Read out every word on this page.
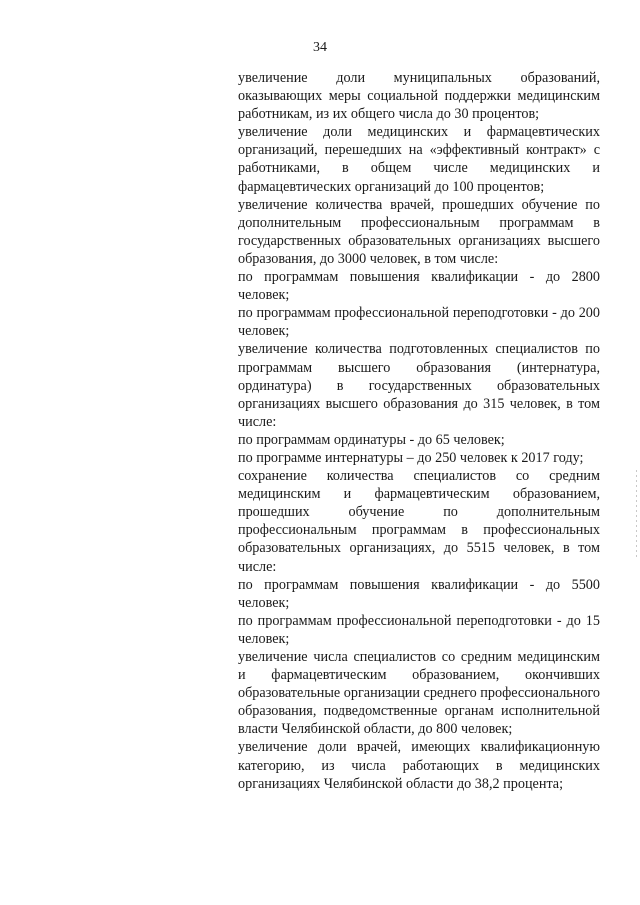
34

увеличение доли муниципальных образований, оказывающих меры социальной поддержки медицинским работникам, из их общего числа до 30 процентов;

увеличение доли медицинских и фармацевтических организаций, перешедших на «эффективный контракт» с работниками, в общем числе медицинских и фармацевтических организаций до 100 процентов;

увеличение количества врачей, прошедших обучение по дополнительным профессиональным программам в государственных образовательных организациях высшего образования, до 3000 человек, в том числе:

по программам повышения квалификации - до 2800 человек;

по программам профессиональной переподготовки - до 200 человек;

увеличение количества подготовленных специалистов по программам высшего образования (интернатура, ординатура) в государственных образовательных организациях высшего образования до 315 человек, в том числе:

по программам ординатуры - до 65 человек;

по программе интернатуры – до 250 человек к 2017 году;

сохранение количества специалистов со средним медицинским и фармацевтическим образованием, прошедших обучение по дополнительным профессиональным программам в профессиональных образовательных организациях, до 5515 человек, в том числе:

по программам повышения квалификации - до 5500 человек;

по программам профессиональной переподготовки - до 15 человек;

увеличение числа специалистов со средним медицинским и фармацевтическим образованием, окончивших образовательные организации среднего профессионального образования, подведомственные органам исполнительной власти Челябинской области, до 800 человек;

увеличение доли врачей, имеющих квалификационную категорию, из числа работающих в медицинских организациях Челябинской области до 38,2 процента;
